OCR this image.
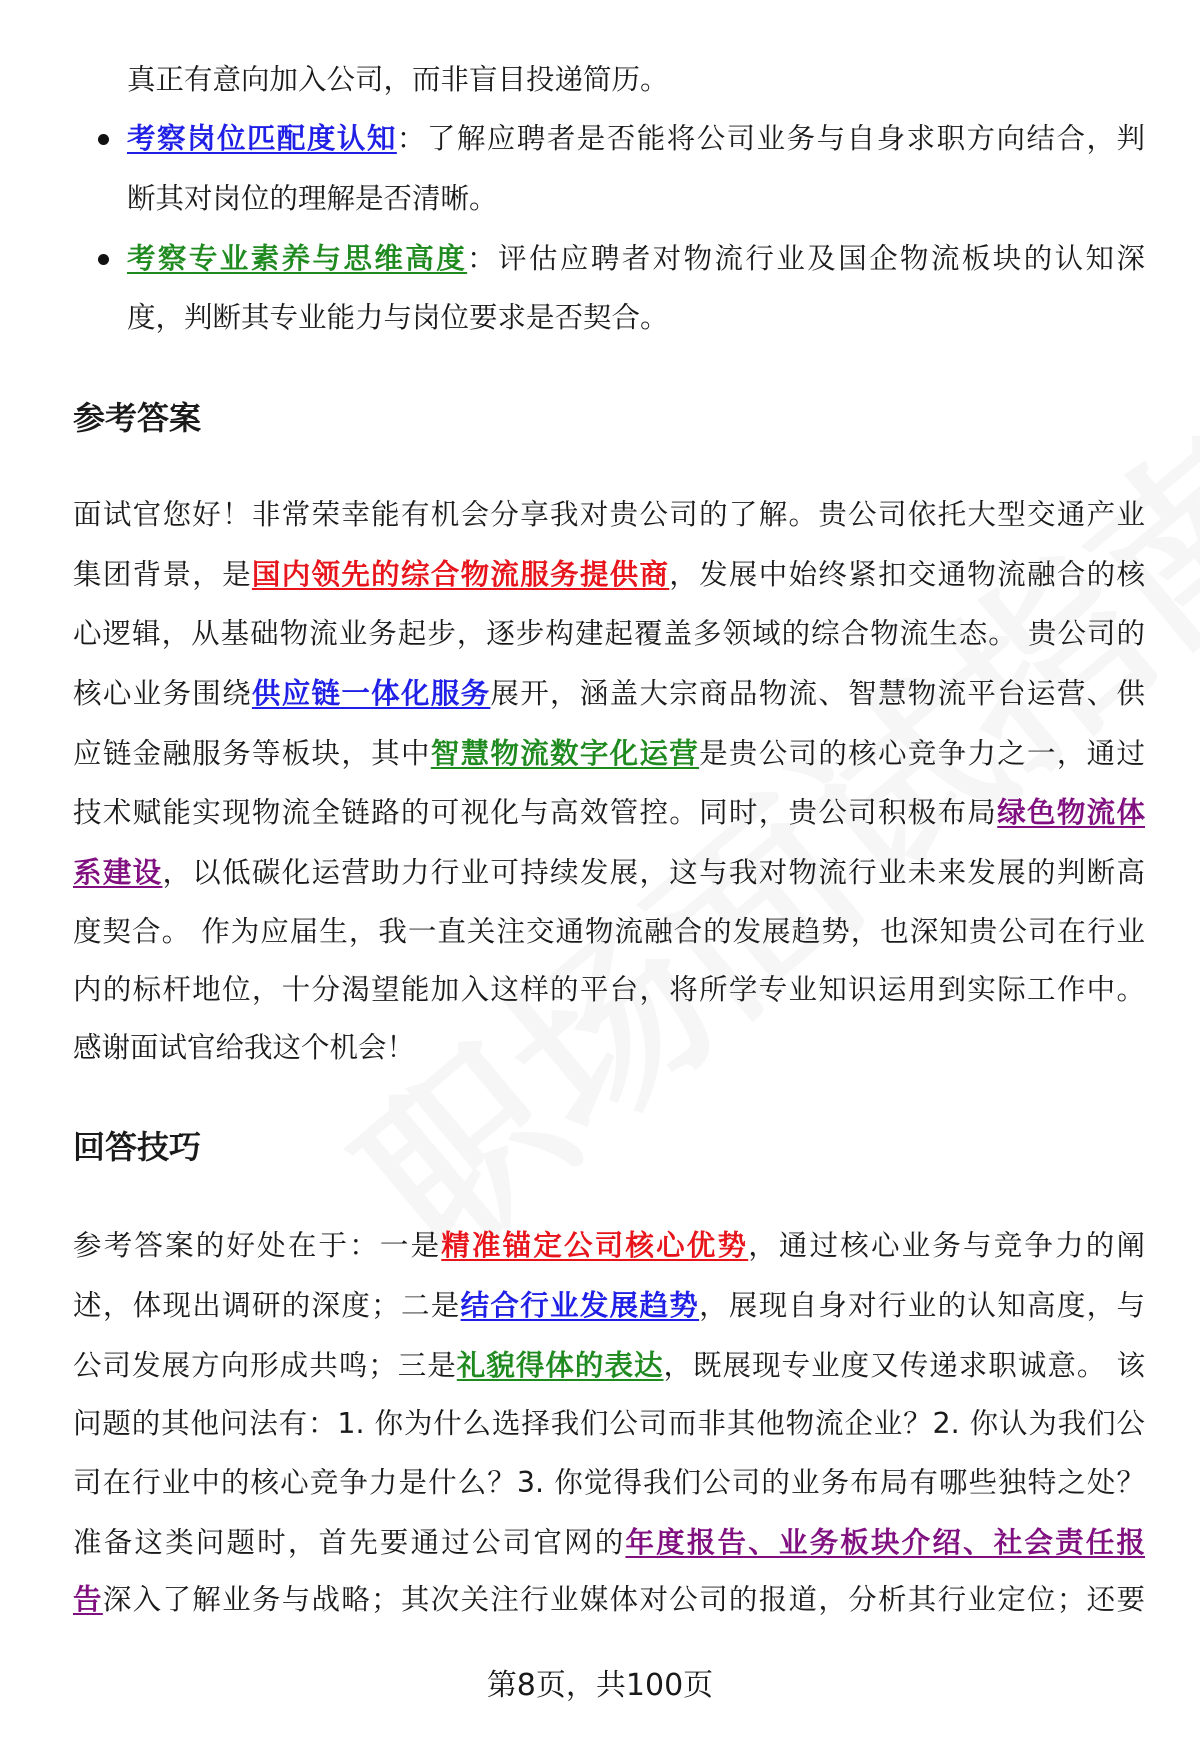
真正有意向加入公司，而非盲目投递简历。
考察岗位匹配度认知：了解应聘者是否能将公司业务与自身求职方向结合，判
断其对岗位的理解是否清晰。
考察专业素养与思维高度：评估应聘者对物流行业及国企物流板块的认知深
度，判断其专业能力与岗位要求是否契合。
面试官您好！非常荣幸能有机会分享我对贵公司的了解。贵公司依托大型交通产业
集团背景，是国内领先的综合物流服务提供商，发展中始终紧扣交通物流融合的核
心逻辑，从基础物流业务起步，逐步构建起覆盖多领域的综合物流生态。 贵公司的
核心业务围绕供应链一体化服务展开，涵盖大宗商品物流、智慧物流平台运营、供
应链金融服务等板块，其中智慧物流数字化运营是贵公司的核心竞争力之一，通过
技术赋能实现物流全链路的可视化与高效管控。同时，贵公司积极布局绿色物流体
系建设，以低碳化运营助力行业可持续发展，这与我对物流行业未来发展的判断高
度契合。 作为应届生，我一直关注交通物流融合的发展趋势，也深知贵公司在行业
内的标杆地位，十分渴望能加入这样的平台，将所学专业知识运用到实际工作中。
感谢面试官给我这个机会！
参考答案的好处在于：一是精准锚定公司核心优势，通过核心业务与竞争力的阐
述，体现出调研的深度；二是结合行业发展趋势，展现自身对行业的认知高度，与
公司发展方向形成共鸣；三是礼貌得体的表达，既展现专业度又传递求职诚意。 该
问题的其他问法有：1. 你为什么选择我们公司而非其他物流企业？2. 你认为我们公
司在行业中的核心竞争力是什么？3. 你觉得我们公司的业务布局有哪些独特之处？
准备这类问题时，首先要通过公司官网的年度报告、业务板块介绍、社会责任报
告深入了解业务与战略；其次关注行业媒体对公司的报道，分析其行业定位；还要
参考答案
回答技巧
第8页，共100页
